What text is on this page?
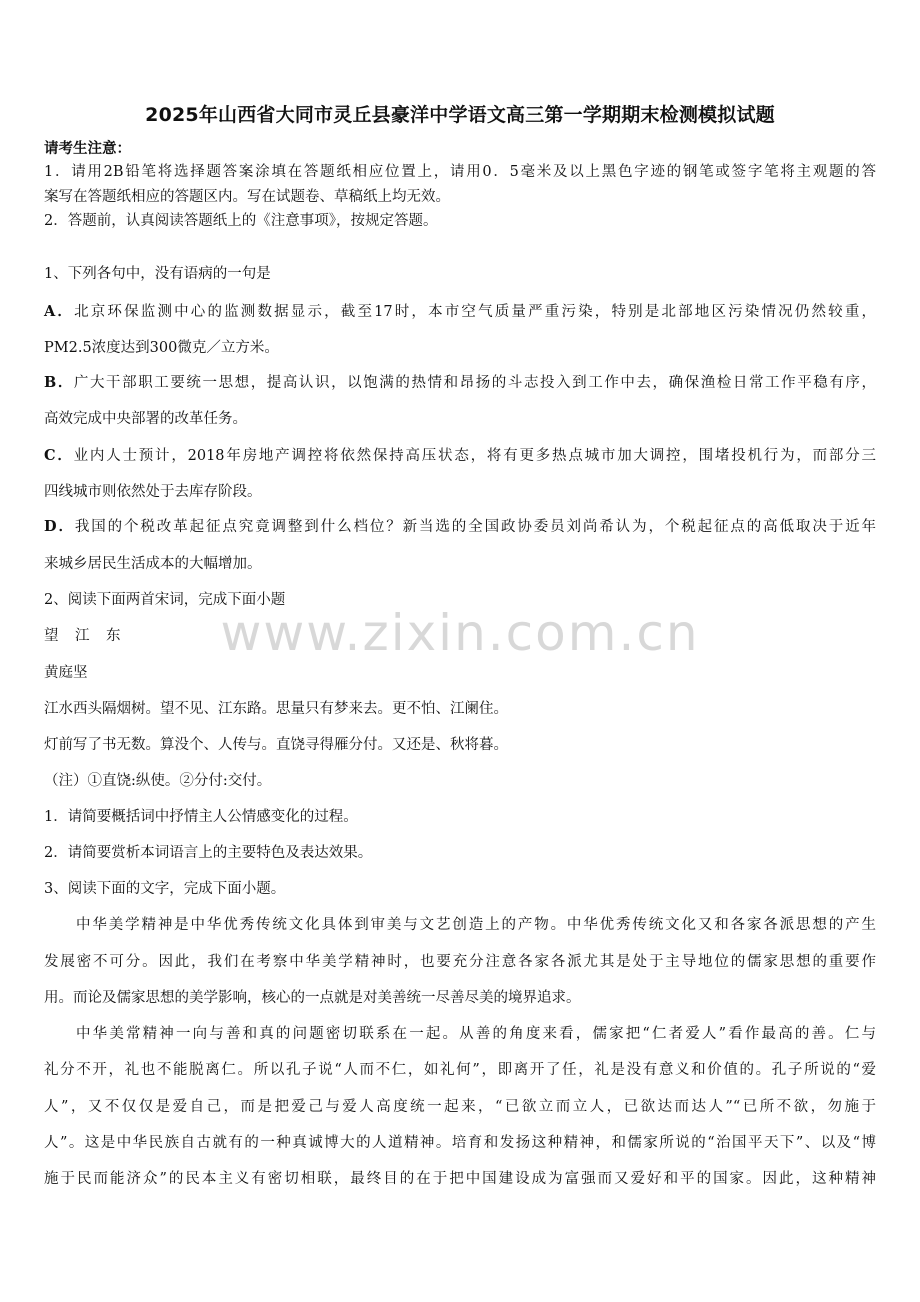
www.zixin.com.cn
2025年山西省大同市灵丘县豪洋中学语文高三第一学期期末检测模拟试题
请考生注意：
1．请用2B铅笔将选择题答案涂填在答题纸相应位置上，请用0．5毫米及以上黑色字迹的钢笔或签字笔将主观题的答
案写在答题纸相应的答题区内。写在试题卷、草稿纸上均无效。
2．答题前，认真阅读答题纸上的《注意事项》，按规定答题。
1、下列各句中，没有语病的一句是
A．北京环保监测中心的监测数据显示，截至17时，本市空气质量严重污染，特别是北部地区污染情况仍然较重，
PM2.5浓度达到300微克／立方米。
B．广大干部职工要统一思想，提高认识，以饱满的热情和昂扬的斗志投入到工作中去，确保渔检日常工作平稳有序，
高效完成中央部署的改革任务。
C．业内人士预计，2018年房地产调控将依然保持高压状态，将有更多热点城市加大调控，围堵投机行为，而部分三
四线城市则依然处于去库存阶段。
D．我国的个税改革起征点究竟调整到什么档位？新当选的全国政协委员刘尚希认为，个税起征点的高低取决于近年
来城乡居民生活成本的大幅增加。
2、阅读下面两首宋词，完成下面小题
望　江　东
黄庭坚
江水西头隔烟树。望不见、江东路。思量只有梦来去。更不怕、江阑住。
灯前写了书无数。算没个、人传与。直饶寻得雁分付。又还是、秋将暮。
（注）①直饶:纵使。②分付:交付。
1．请简要概括词中抒情主人公情感变化的过程。
2．请简要赏析本词语言上的主要特色及表达效果。
3、阅读下面的文字，完成下面小题。
中华美学精神是中华优秀传统文化具体到审美与文艺创造上的产物。中华优秀传统文化又和各家各派思想的产生
发展密不可分。因此，我们在考察中华美学精神时，也要充分注意各家各派尤其是处于主导地位的儒家思想的重要作
用。而论及儒家思想的美学影响，核心的一点就是对美善统一尽善尽美的境界追求。
中华美常精神一向与善和真的问题密切联系在一起。从善的角度来看，儒家把“仁者爱人”看作最高的善。仁与
礼分不开，礼也不能脱离仁。所以孔子说“人而不仁，如礼何”，即离开了任，礼是没有意义和价值的。孔子所说的“爱
人”，又不仅仅是爱自己，而是把爱己与爱人高度统一起来，“已欲立而立人，已欲达而达人”“已所不欲，勿施于
人”。这是中华民族自古就有的一种真诚博大的人道精神。培育和发扬这种精神，和儒家所说的“治国平天下”、以及“博
施于民而能济众”的民本主义有密切相联，最终目的在于把中国建设成为富强而又爱好和平的国家。因此，这种精神
